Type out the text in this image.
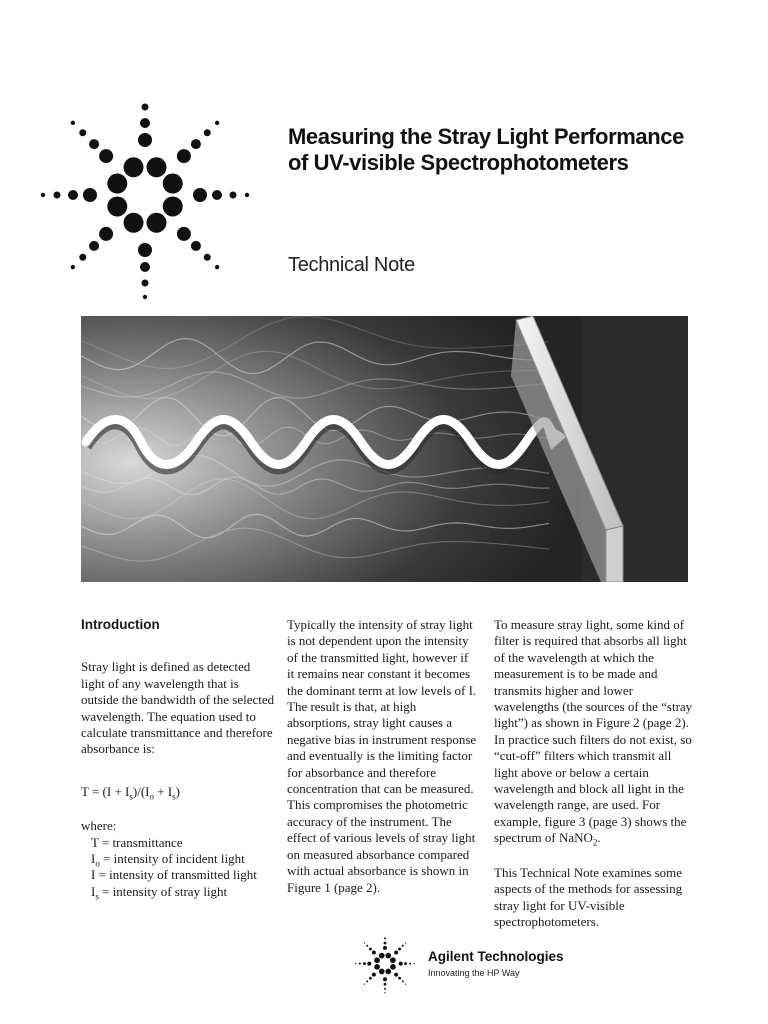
Measuring the Stray Light Performance
of UV-visible Spectrophotometers
Technical Note

Introduction

Stray light is defined as detected light of any wavelength that is outside the bandwidth of the selected wavelength. The equation used to calculate transmittance and therefore absorbance is:

$T = (I + I_s)/(I_o + I_s)$

where:

T = transmittance

$I_o$ = intensity of incident light

I = intensity of transmitted light

$I_s$ = intensity of stray light

Typically the intensity of stray light is not dependent upon the intensity of the transmitted light, however if it remains near constant it becomes the dominant term at low levels of I. The result is that, at high absorptions, stray light causes a negative bias in instrument response and eventually is the limiting factor for absorbance and therefore concentration that can be measured. This compromises the photometric accuracy of the instrument. The effect of various levels of stray light on measured absorbance compared with actual absorbance is shown in Figure 1 (page 2).

To measure stray light, some kind of filter is required that absorbs all light of the wavelength at which the measurement is to be made and transmits higher and lower wavelengths (the sources of the “stray light”) as shown in Figure 2 (page 2). In practice such filters do not exist, so “cut-off” filters which transmit all light above or below a certain wavelength and block all light in the wavelength range, are used. For example, figure 3 (page 3) shows the spectrum of NaNO$_2$.

This Technical Note examines some aspects of the methods for assessing stray light for UV-visible spectrophotometers.

Agilent Technologies
Innovating the HP Way
